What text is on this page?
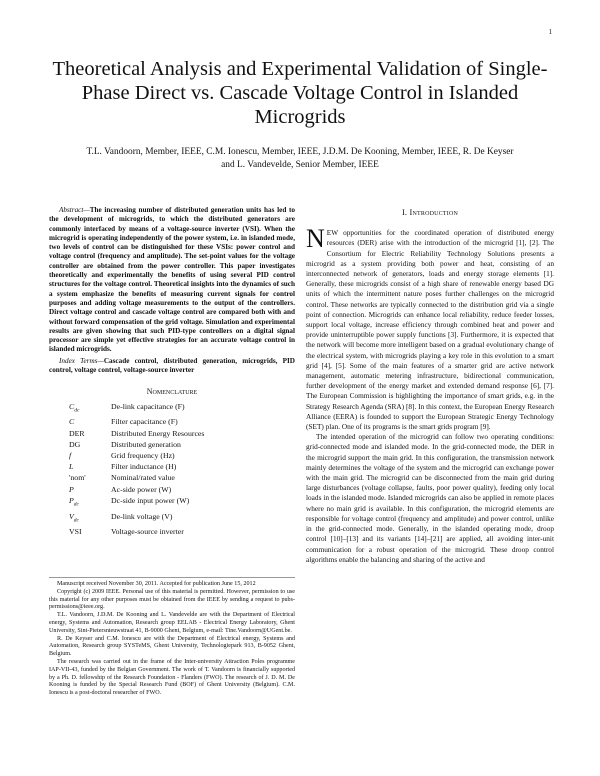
1
Theoretical Analysis and Experimental Validation of Single-Phase Direct vs. Cascade Voltage Control in Islanded Microgrids
T.L. Vandoorn, Member, IEEE, C.M. Ionescu, Member, IEEE, J.D.M. De Kooning, Member, IEEE, R. De Keyser
and L. Vandevelde, Senior Member, IEEE

Abstract—The increasing number of distributed generation units has led to the development of microgrids, to which the distributed generators are commonly interfaced by means of a voltage-source inverter (VSI). When the microgrid is operating independently of the power system, i.e. in islanded mode, two levels of control can be distinguished for these VSIs: power control and voltage control (frequency and amplitude). The set-point values for the voltage controller are obtained from the power controller. This paper investigates theoretically and experimentally the benefits of using several PID control structures for the voltage control. Theoretical insights into the dynamics of such a system emphasize the benefits of measuring current signals for control purposes and adding voltage measurements to the output of the controllers. Direct voltage control and cascade voltage control are compared both with and without forward compensation of the grid voltage. Simulation and experimental results are given showing that such PID-type controllers on a digital signal processor are simple yet effective strategies for an accurate voltage control in islanded microgrids.

Index Terms—Cascade control, distributed generation, microgrids, PID control, voltage control, voltage-source inverter

Nomenclature
$C_{dc}$	De-link capacitance (F)
C	Filter capacitance (F)
DER	Distributed Energy Resources
DG	Distributed generation
f	Grid frequency (Hz)
L	Filter inductance (H)
'nom'	Nominal/rated value
P	Ac-side power (W)
$P_{dc}$	Dc-side input power (W)
$V_{dc}$	De-link voltage (V)
VSI	Voltage-source inverter

Manuscript received November 30, 2011. Accepted for publication June 15, 2012

Copyright (c) 2009 IEEE. Personal use of this material is permitted. However, permission to use this material for any other purposes must be obtained from the IEEE by sending a request to pubs-permissions@ieee.org.

T.L. Vandoorn, J.D.M. De Kooning and L. Vandevelde are with the Department of Electrical energy, Systems and Automation, Research group EELAB - Electrical Energy Laboratory, Ghent University, Sint-Pietersnieuwstraat 41, B-9000 Ghent, Belgium, e-mail: Tine.Vandoorn@UGent.be.

R. De Keyser and C.M. Ionescu are with the Department of Electrical energy, Systems and Automation, Research group SYSTeMS, Ghent University, Technologiepark 913, B-9052 Ghent, Belgium.

The research was carried out in the frame of the Inter-university Attraction Poles programme IAP-VII-43, funded by the Belgian Government. The work of T. Vandoorn is financially supported by a Ph. D. fellowship of the Research Foundation - Flanders (FWO). The research of J. D. M. De Kooning is funded by the Special Research Fund (BOF) of Ghent University (Belgium). C.M. Ionescu is a post-doctoral researcher of FWO.

I. Introduction

NEW opportunities for the coordinated operation of distributed energy resources (DER) arise with the introduction of the microgrid [1], [2]. The Consortium for Electric Reliability Technology Solutions presents a microgrid as a system providing both power and heat, consisting of an interconnected network of generators, loads and energy storage elements [1]. Generally, these microgrids consist of a high share of renewable energy based DG units of which the intermittent nature poses further challenges on the microgrid control. These networks are typically connected to the distribution grid via a single point of connection. Microgrids can enhance local reliability, reduce feeder losses, support local voltage, increase efficiency through combined heat and power and provide uninterruptible power supply functions [3]. Furthermore, it is expected that the network will become more intelligent based on a gradual evolutionary change of the electrical system, with microgrids playing a key role in this evolution to a smart grid [4], [5]. Some of the main features of a smarter grid are active network management, automatic metering infrastructure, bidirectional communication, further development of the energy market and extended demand response [6], [7]. The European Commission is highlighting the importance of smart grids, e.g. in the Strategy Research Agenda (SRA) [8]. In this context, the European Energy Research Alliance (EERA) is founded to support the European Strategic Energy Technology (SET) plan. One of its programs is the smart grids program [9].

The intended operation of the microgrid can follow two operating conditions: grid-connected mode and islanded mode. In the grid-connected mode, the DER in the microgrid support the main grid. In this configuration, the transmission network mainly determines the voltage of the system and the microgrid can exchange power with the main grid. The microgrid can be disconnected from the main grid during large disturbances (voltage collapse, faults, poor power quality), feeding only local loads in the islanded mode. Islanded microgrids can also be applied in remote places where no main grid is available. In this configuration, the microgrid elements are responsible for voltage control (frequency and amplitude) and power control, unlike in the grid-connected mode. Generally, in the islanded operating mode, droop control [10]–[13] and its variants [14]–[21] are applied, all avoiding inter-unit communication for a robust operation of the microgrid. These droop control algorithms enable the balancing and sharing of the active and
